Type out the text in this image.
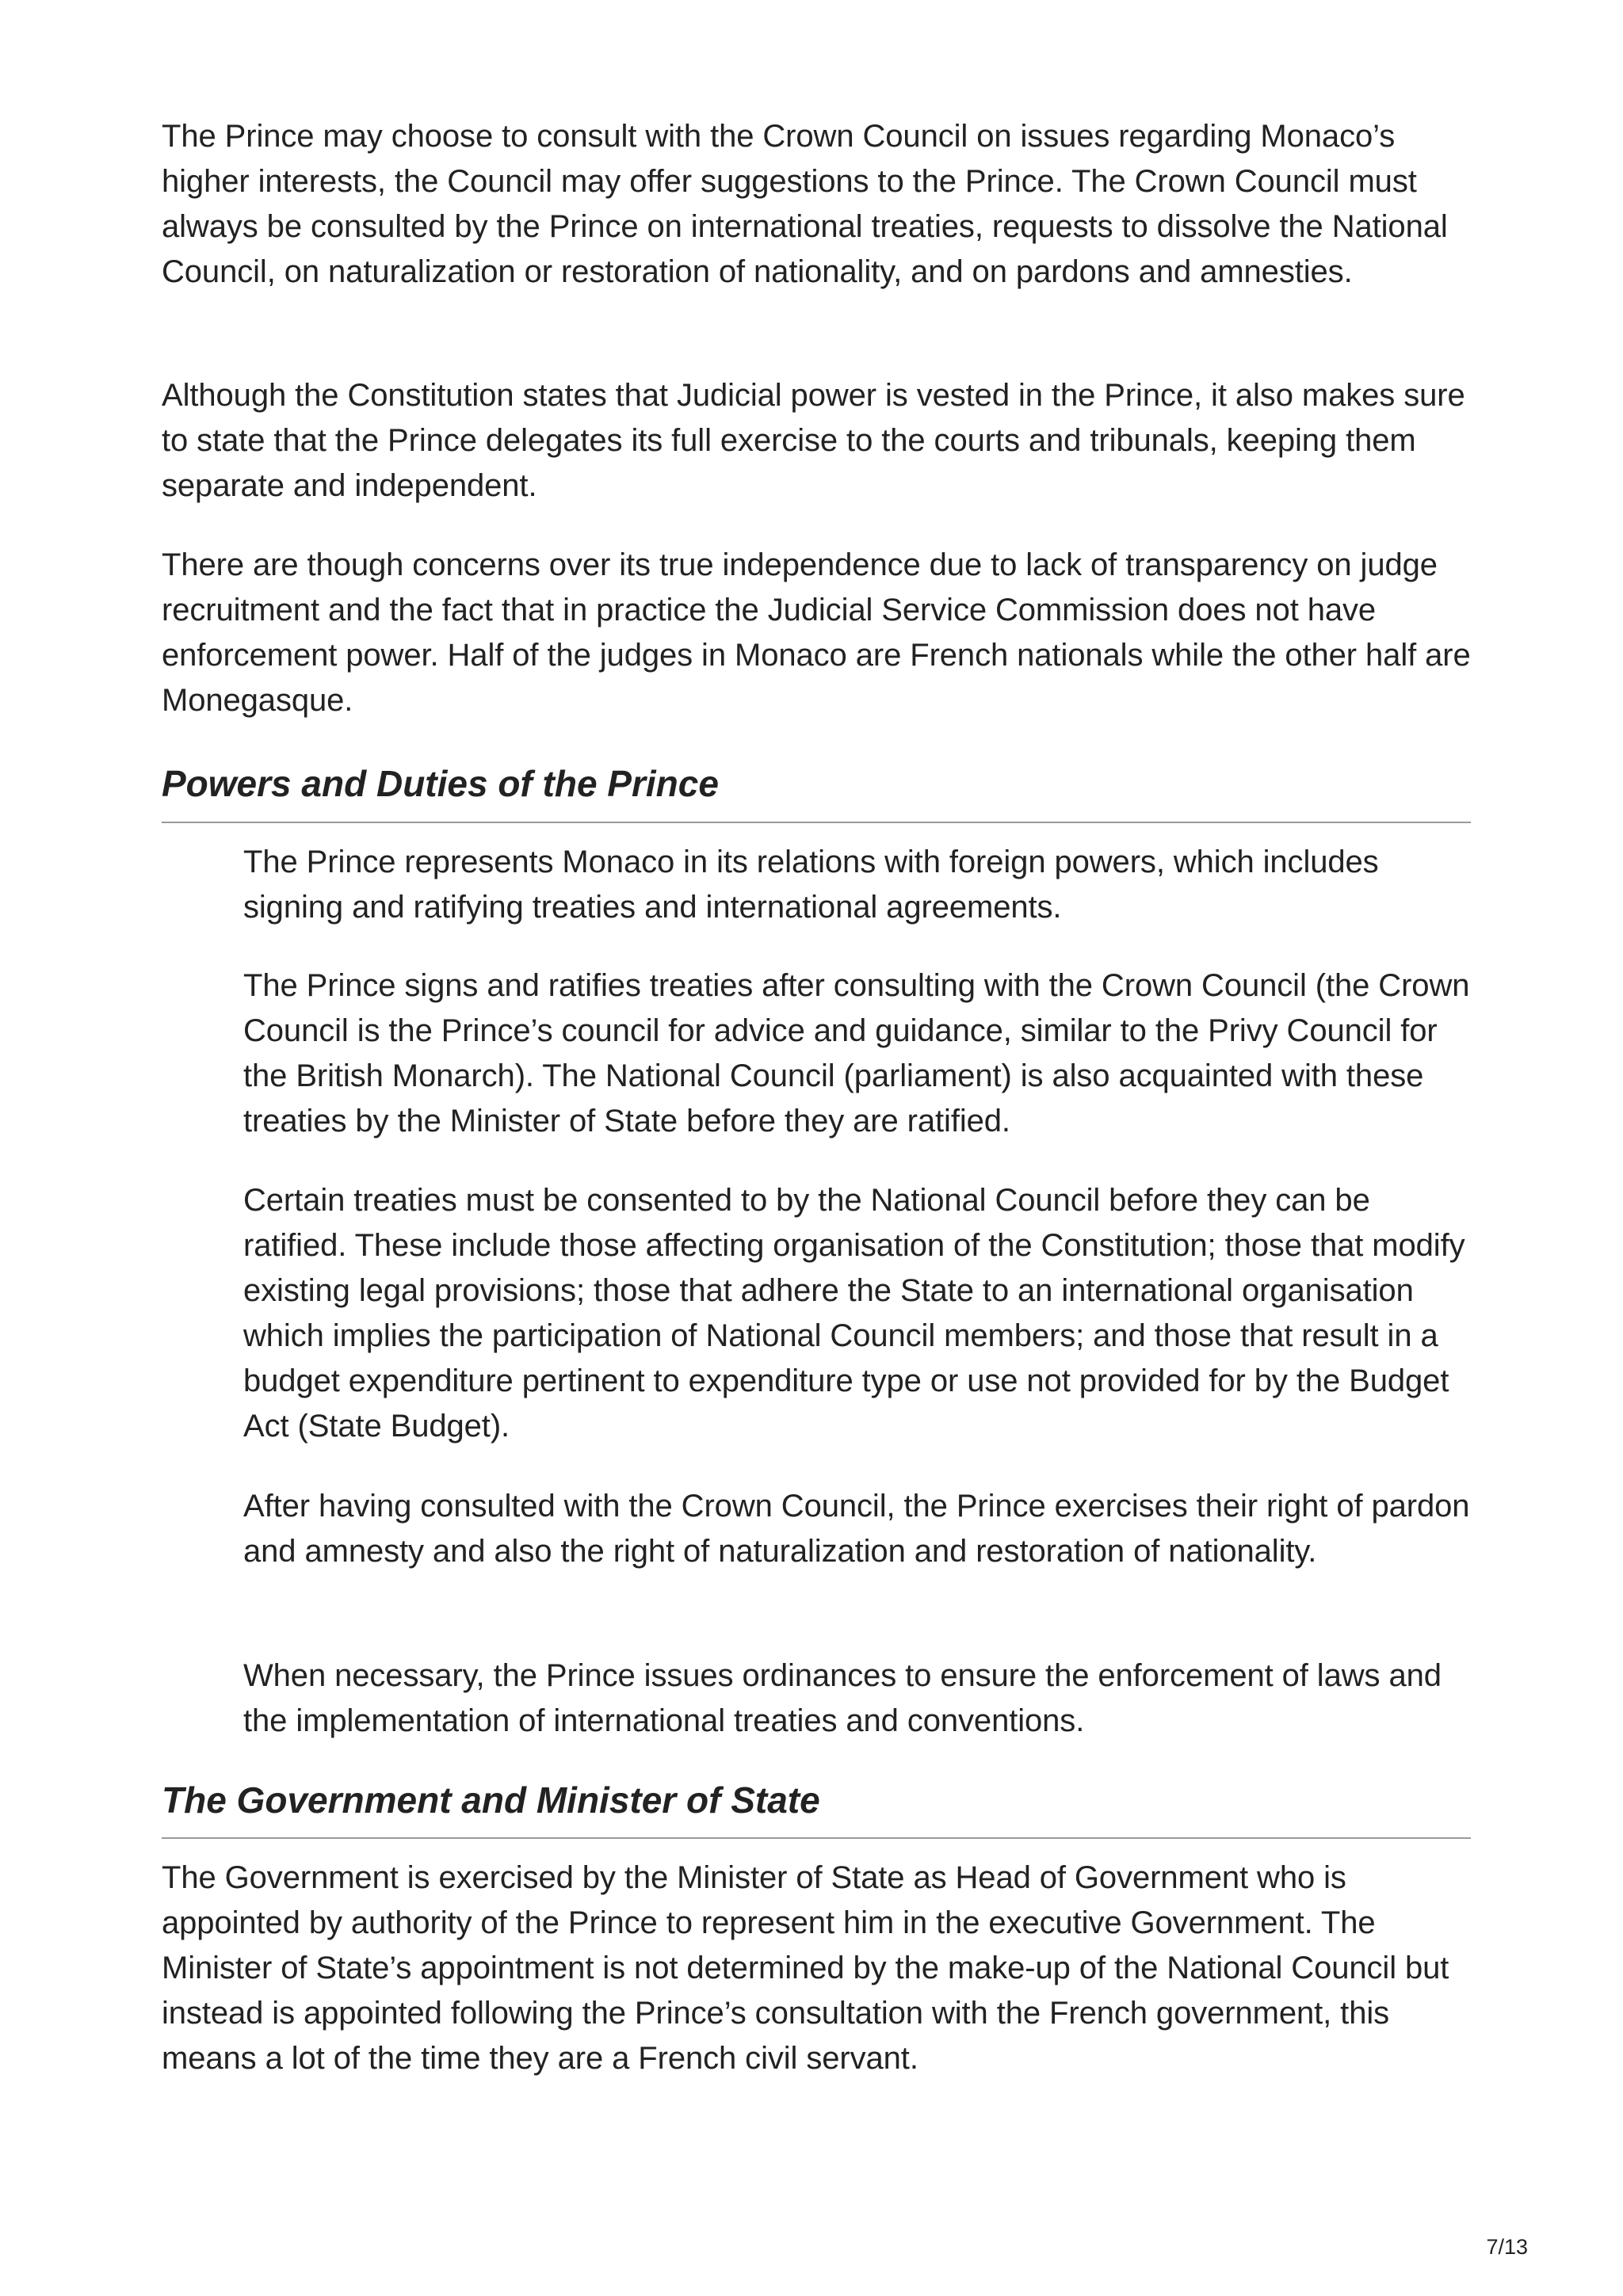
The Prince may choose to consult with the Crown Council on issues regarding Monaco’s higher interests, the Council may offer suggestions to the Prince. The Crown Council must always be consulted by the Prince on international treaties, requests to dissolve the National Council, on naturalization or restoration of nationality, and on pardons and amnesties.

Although the Constitution states that Judicial power is vested in the Prince, it also makes sure to state that the Prince delegates its full exercise to the courts and tribunals, keeping them separate and independent.

There are though concerns over its true independence due to lack of transparency on judge recruitment and the fact that in practice the Judicial Service Commission does not have enforcement power. Half of the judges in Monaco are French nationals while the other half are Monegasque.

Powers and Duties of the Prince

The Prince represents Monaco in its relations with foreign powers, which includes signing and ratifying treaties and international agreements.

The Prince signs and ratifies treaties after consulting with the Crown Council (the Crown Council is the Prince’s council for advice and guidance, similar to the Privy Council for the British Monarch). The National Council (parliament) is also acquainted with these treaties by the Minister of State before they are ratified.

Certain treaties must be consented to by the National Council before they can be ratified. These include those affecting organisation of the Constitution; those that modify existing legal provisions; those that adhere the State to an international organisation which implies the participation of National Council members; and those that result in a budget expenditure pertinent to expenditure type or use not provided for by the Budget Act (State Budget).

After having consulted with the Crown Council, the Prince exercises their right of pardon and amnesty and also the right of naturalization and restoration of nationality.

When necessary, the Prince issues ordinances to ensure the enforcement of laws and the implementation of international treaties and conventions.

The Government and Minister of State

The Government is exercised by the Minister of State as Head of Government who is appointed by authority of the Prince to represent him in the executive Government. The Minister of State’s appointment is not determined by the make-up of the National Council but instead is appointed following the Prince’s consultation with the French government, this means a lot of the time they are a French civil servant.

7/13
